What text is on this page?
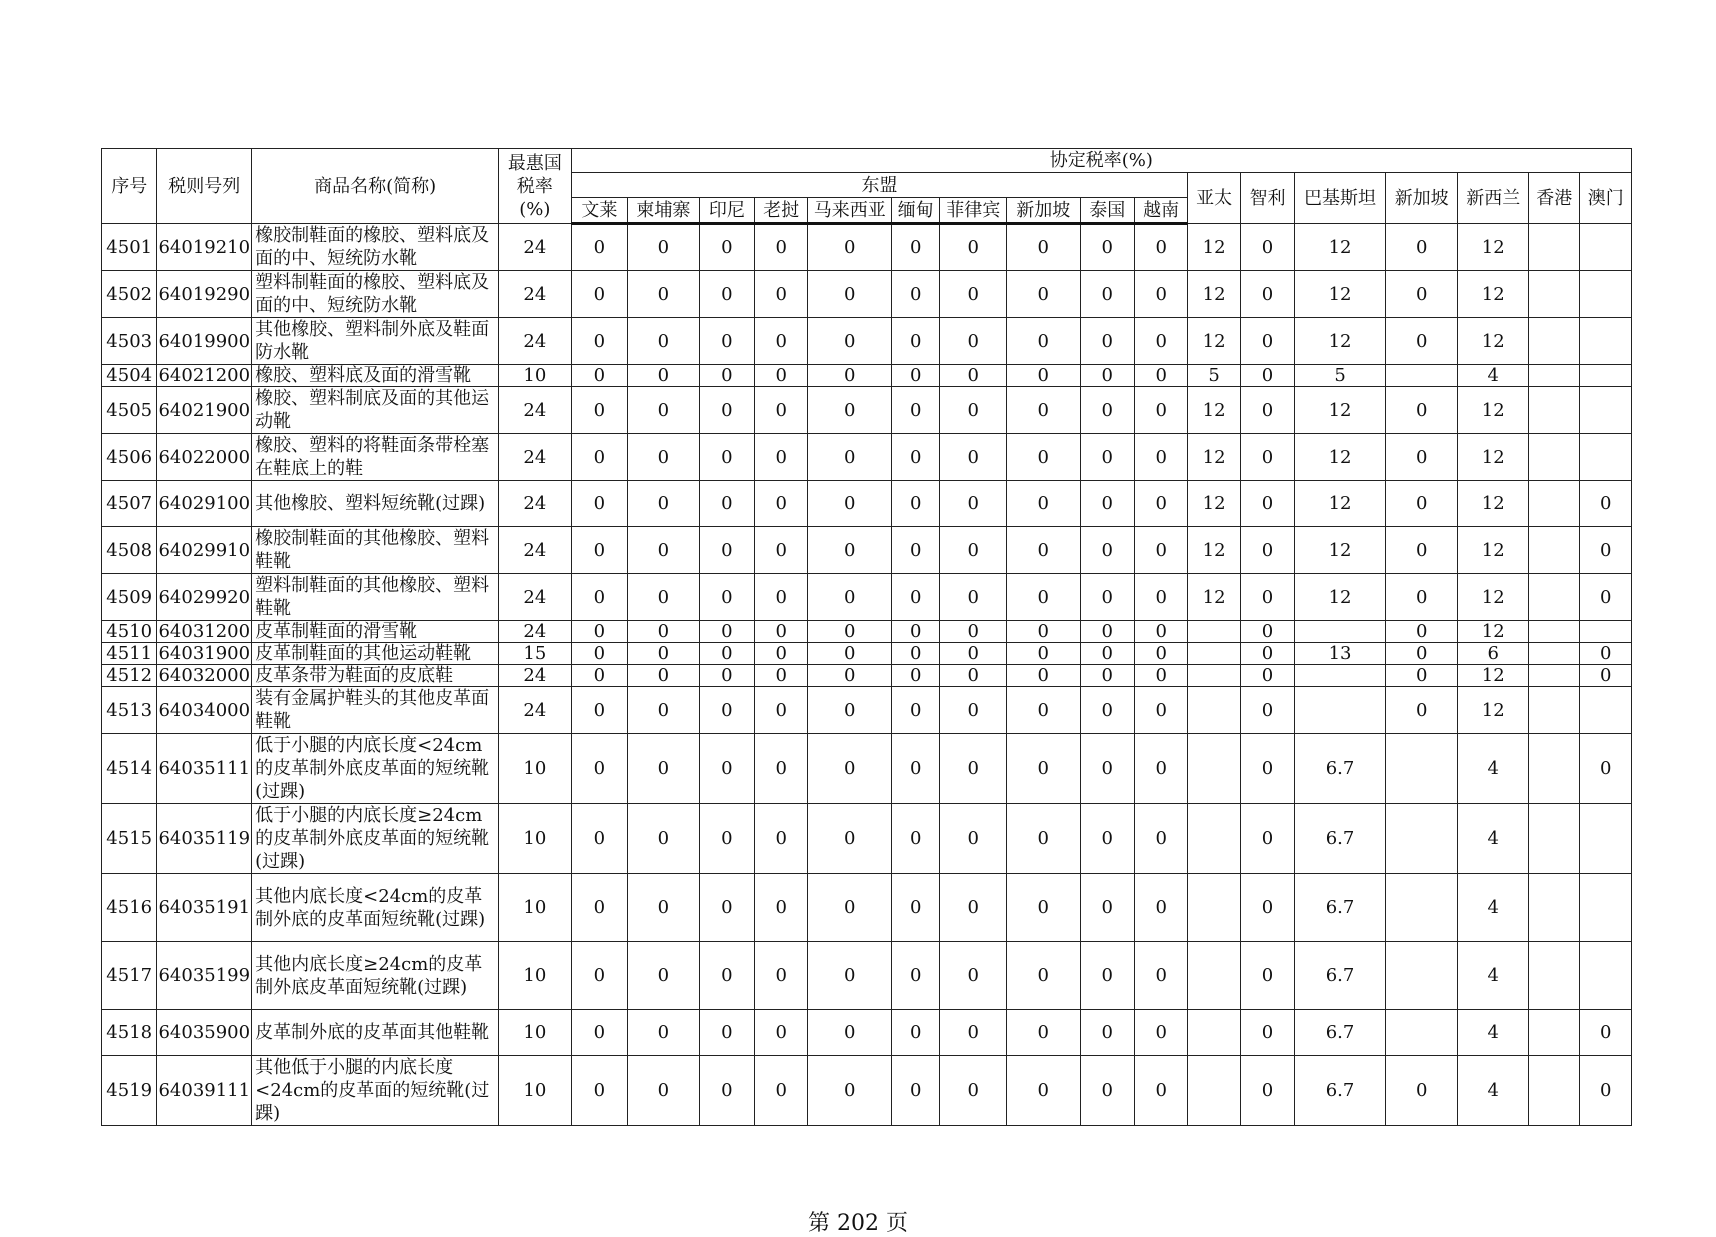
序号	税则号列	商品名称(简称)	最惠国
税率
(%)	协定税率(%)																
				东盟										亚太	智利	巴基斯坦	新加坡	新西兰	香港	澳门
				文莱	柬埔寨	印尼	老挝	马来西亚	缅甸	菲律宾	新加坡	泰国	越南							
4501	64019210	橡胶制鞋面的橡胶、塑料底及面的中、短统防水靴	24	0	0	0	0	0	0	0	0	0	0	12	0	12	0	12		
4502	64019290	塑料制鞋面的橡胶、塑料底及面的中、短统防水靴	24	0	0	0	0	0	0	0	0	0	0	12	0	12	0	12		
4503	64019900	其他橡胶、塑料制外底及鞋面防水靴	24	0	0	0	0	0	0	0	0	0	0	12	0	12	0	12		
4504	64021200	橡胶、塑料底及面的滑雪靴	10	0	0	0	0	0	0	0	0	0	0	5	0	5		4		
4505	64021900	橡胶、塑料制底及面的其他运动靴	24	0	0	0	0	0	0	0	0	0	0	12	0	12	0	12		
4506	64022000	橡胶、塑料的将鞋面条带栓塞在鞋底上的鞋	24	0	0	0	0	0	0	0	0	0	0	12	0	12	0	12		
4507	64029100	其他橡胶、塑料短统靴(过踝)	24	0	0	0	0	0	0	0	0	0	0	12	0	12	0	12		0
4508	64029910	橡胶制鞋面的其他橡胶、塑料鞋靴	24	0	0	0	0	0	0	0	0	0	0	12	0	12	0	12		0
4509	64029920	塑料制鞋面的其他橡胶、塑料鞋靴	24	0	0	0	0	0	0	0	0	0	0	12	0	12	0	12		0
4510	64031200	皮革制鞋面的滑雪靴	24	0	0	0	0	0	0	0	0	0	0		0		0	12		
4511	64031900	皮革制鞋面的其他运动鞋靴	15	0	0	0	0	0	0	0	0	0	0		0	13	0	6		0
4512	64032000	皮革条带为鞋面的皮底鞋	24	0	0	0	0	0	0	0	0	0	0		0		0	12		0
4513	64034000	装有金属护鞋头的其他皮革面鞋靴	24	0	0	0	0	0	0	0	0	0	0		0		0	12		
4514	64035111	低于小腿的内底长度<24cm的皮革制外底皮革面的短统靴(过踝)	10	0	0	0	0	0	0	0	0	0	0		0	6.7		4		0
4515	64035119	低于小腿的内底长度≥24cm的皮革制外底皮革面的短统靴(过踝)	10	0	0	0	0	0	0	0	0	0	0		0	6.7		4		
4516	64035191	其他内底长度<24cm的皮革制外底的皮革面短统靴(过踝)	10	0	0	0	0	0	0	0	0	0	0		0	6.7		4		
4517	64035199	其他内底长度≥24cm的皮革制外底皮革面短统靴(过踝)	10	0	0	0	0	0	0	0	0	0	0		0	6.7		4		
4518	64035900	皮革制外底的皮革面其他鞋靴	10	0	0	0	0	0	0	0	0	0	0		0	6.7		4		0
4519	64039111	其他低于小腿的内底长度<24cm的皮革面的短统靴(过踝)	10	0	0	0	0	0	0	0	0	0	0		0	6.7	0	4		0
第 202 页
